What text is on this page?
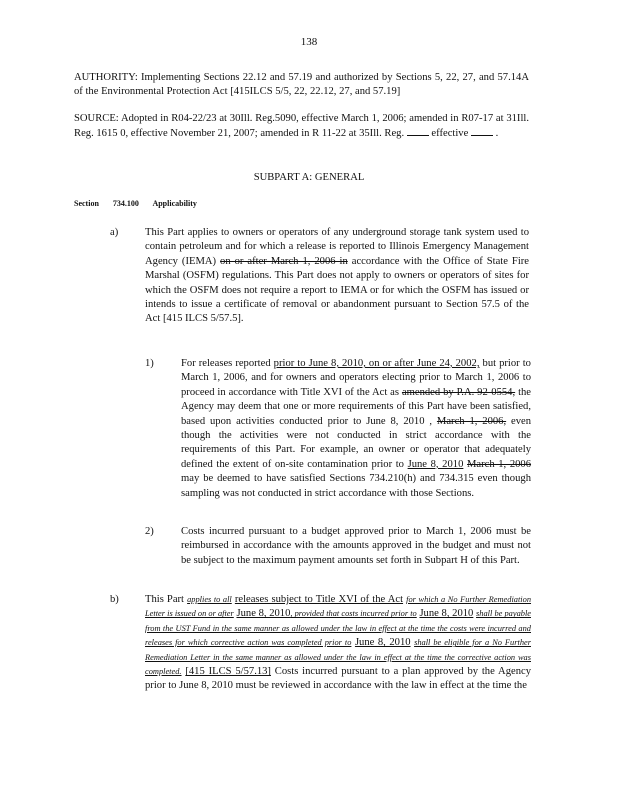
138
AUTHORITY: Implementing Sections 22.12 and 57.19 and authorized by Sections 5, 22, 27, and 57.14A of the Environmental Protection Act [415ILCS 5/5, 22, 22.12, 27, and 57.19]
SOURCE: Adopted in R04-22/23 at 30Ill. Reg.5090, effective March 1, 2006; amended in R07-17 at 31Ill. Reg. 1615 0, effective November 21, 2007; amended in R 11-22 at 35Ill. Reg.	effective	.
SUBPART A: GENERAL
Section 734.100 Applicability
a)	This Part applies to owners or operators of any underground storage tank system used to contain petroleum and for which a release is reported to Illinois Emergency Management Agency (IEMA) on or after March 1, 2006 in accordance with the Office of State Fire Marshal (OSFM) regulations. This Part does not apply to owners or operators of sites for which the OSFM does not require a report to IEMA or for which the OSFM has issued or intends to issue a certificate of removal or abandonment pursuant to Section 57.5 of the Act [415 ILCS 5/57.5].
1)	For releases reported prior to June 8, 2010, on or after June 24, 2002, but prior to March 1, 2006, and for owners and operators electing prior to March 1, 2006 to proceed in accordance with Title XVI of the Act as amended by P.A. 92-0554, the Agency may deem that one or more requirements of this Part have been satisfied, based upon activities conducted prior to June 8, 2010 , March 1, 2006, even though the activities were not conducted in strict accordance with the requirements of this Part. For example, an owner or operator that adequately defined the extent of on-site contamination prior to June 8, 2010 March 1, 2006 may be deemed to have satisfied Sections 734.210(h) and 734.315 even though sampling was not conducted in strict accordance with those Sections.
2)	Costs incurred pursuant to a budget approved prior to March 1, 2006 must be reimbursed in accordance with the amounts approved in the budget and must not be subject to the maximum payment amounts set forth in Subpart H of this Part.
b) This Part applies to all releases subject to Title XVI of the Act for which a No Further Remediation Letter is issued on or after June 8, 2010, provided that costs incurred prior to June 8, 2010 shall be payable from the UST Fund in the same manner as allowed under the law in effect at the time the costs were incurred and releases for which corrective action was completed prior to June 8, 2010 shall be eligible for a No Further Remediation Letter in the same manner as allowed under the law in effect at the time the corrective action was completed. [415 ILCS 5/57.13] Costs incurred pursuant to a plan approved by the Agency prior to June 8, 2010 must be reviewed in accordance with the law in effect at the time the
